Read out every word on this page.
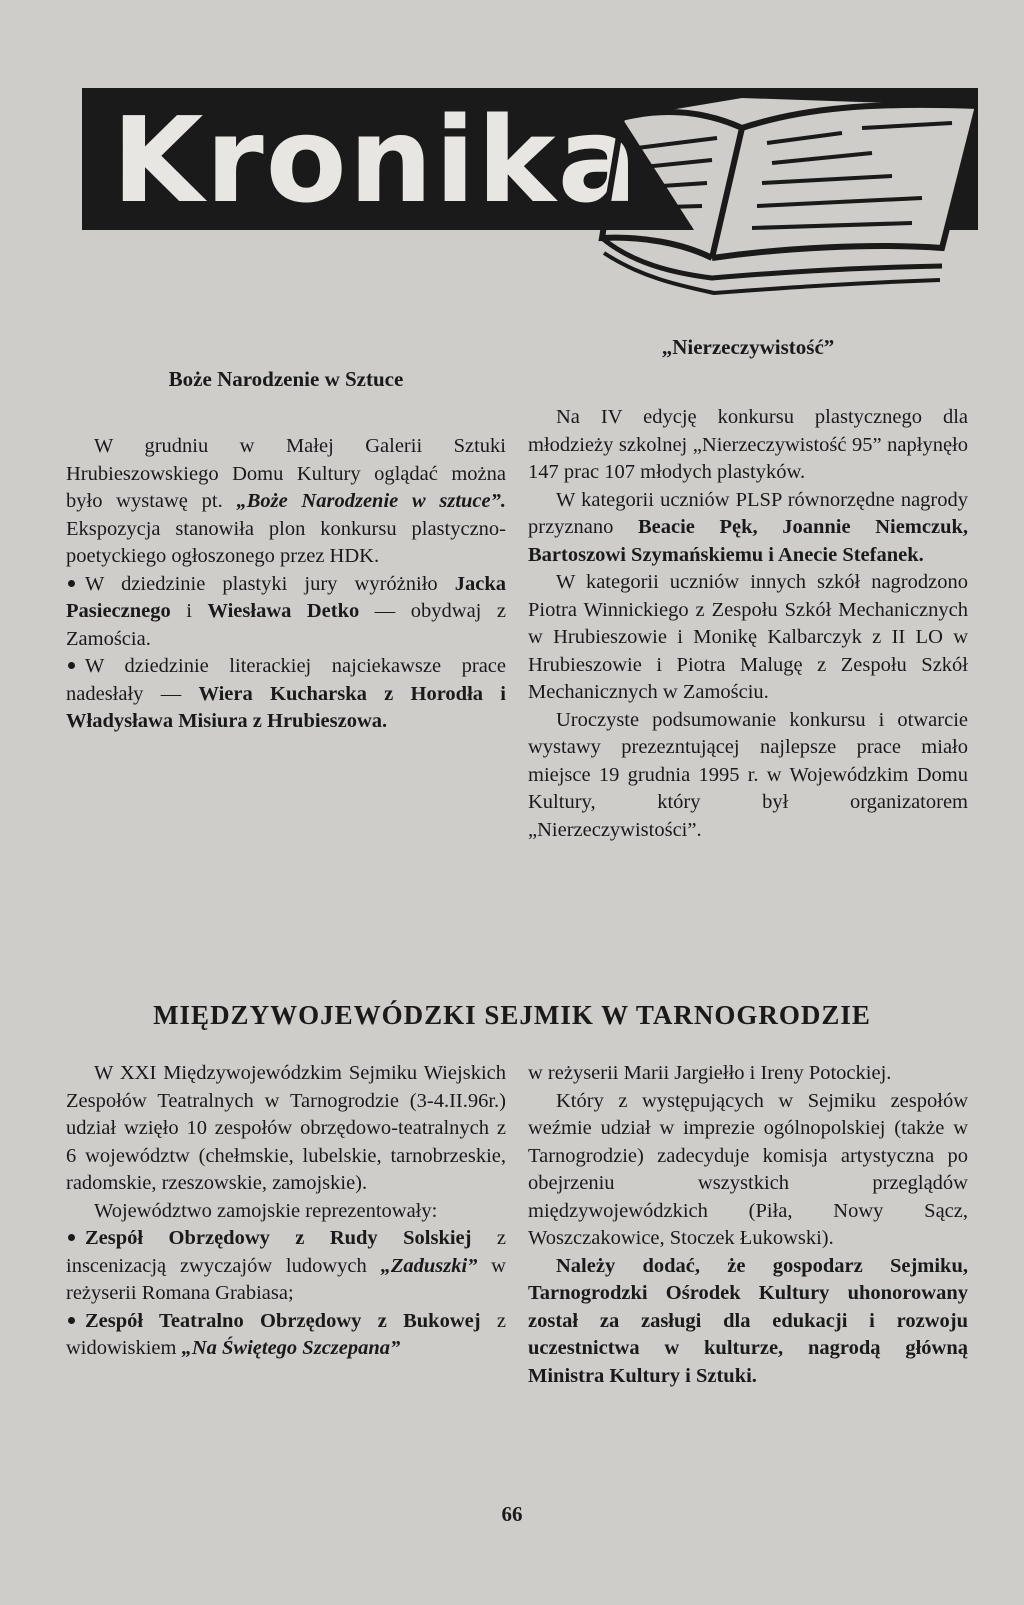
Kronika
Boże Narodzenie w Sztuce

W grudniu w Małej Galerii Sztuki Hrubieszowskiego Domu Kultury oglądać można było wystawę pt. „Boże Narodzenie w sztuce”. Ekspozycja stanowiła plon konkursu plastyczno-poetyckiego ogłoszonego przez HDK.

W dziedzinie plastyki jury wyróżniło Jacka Pasiecznego i Wiesława Detko — obydwaj z Zamościa.

W dziedzinie literackiej najciekawsze prace nadesłały — Wiera Kucharska z Horodła i Władysława Misiura z Hrubieszowa.

„Nierzeczywistość”

Na IV edycję konkursu plastycznego dla młodzieży szkolnej „Nierzeczywistość 95” napłynęło 147 prac 107 młodych plastyków.

W kategorii uczniów PLSP równorzędne nagrody przyznano Beacie Pęk, Joannie Niemczuk, Bartoszowi Szymańskiemu i Anecie Stefanek.

W kategorii uczniów innych szkół nagrodzono Piotra Winnickiego z Zespołu Szkół Mechanicznych w Hrubieszowie i Monikę Kalbarczyk z II LO w Hrubieszowie i Piotra Malugę z Zespołu Szkół Mechanicznych w Zamościu.

Uroczyste podsumowanie konkursu i otwarcie wystawy prezezntującej najlepsze prace miało miejsce 19 grudnia 1995 r. w Wojewódzkim Domu Kultury, który był organizatorem „Nierzeczywistości”.

MIĘDZYWOJEWÓDZKI SEJMIK W TARNOGRODZIE

W XXI Międzywojewódzkim Sejmiku Wiejskich Zespołów Teatralnych w Tarnogrodzie (3-4.II.96r.) udział wzięło 10 zespołów obrzędowo-teatralnych z 6 województw (chełmskie, lubelskie, tarnobrzeskie, radomskie, rzeszowskie, zamojskie).

Województwo zamojskie reprezentowały:

Zespół Obrzędowy z Rudy Solskiej z inscenizacją zwyczajów ludowych „Zaduszki” w reżyserii Romana Grabiasa;

Zespół Teatralno Obrzędowy z Bukowej z widowiskiem „Na Świętego Szczepana”

w reżyserii Marii Jargiełło i Ireny Potockiej.

Który z występujących w Sejmiku zespołów weźmie udział w imprezie ogólnopolskiej (także w Tarnogrodzie) zadecyduje komisja artystyczna po obejrzeniu wszystkich przeglądów międzywojewódzkich (Piła, Nowy Sącz, Woszczakowice, Stoczek Łukowski).

Należy dodać, że gospodarz Sejmiku, Tarnogrodzki Ośrodek Kultury uhonorowany został za zasługi dla edukacji i rozwoju uczestnictwa w kulturze, nagrodą główną Ministra Kultury i Sztuki.

66
